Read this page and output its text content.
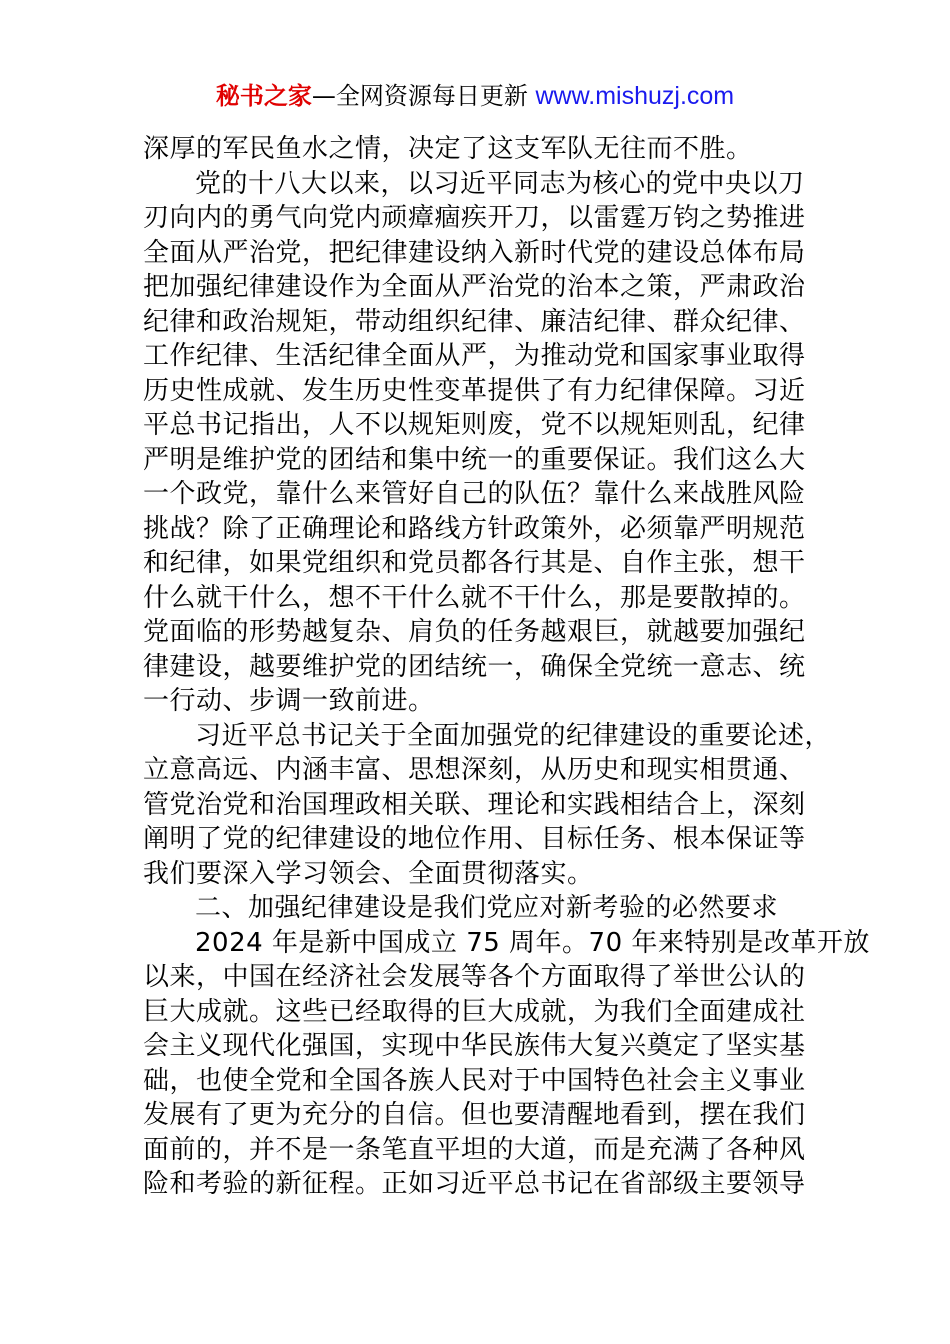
秘书之家—全网资源每日更新 www.mishuzj.com
深厚的军民鱼水之情，决定了这支军队无往而不胜。
党的十八大以来，以习近平同志为核心的党中央以刀
刃向内的勇气向党内顽瘴痼疾开刀，以雷霆万钧之势推进
全面从严治党，把纪律建设纳入新时代党的建设总体布局
把加强纪律建设作为全面从严治党的治本之策，严肃政治
纪律和政治规矩，带动组织纪律、廉洁纪律、群众纪律、
工作纪律、生活纪律全面从严，为推动党和国家事业取得
历史性成就、发生历史性变革提供了有力纪律保障。习近
平总书记指出，人不以规矩则废，党不以规矩则乱，纪律
严明是维护党的团结和集中统一的重要保证。我们这么大
一个政党，靠什么来管好自己的队伍？靠什么来战胜风险
挑战？除了正确理论和路线方针政策外，必须靠严明规范
和纪律，如果党组织和党员都各行其是、自作主张，想干
什么就干什么，想不干什么就不干什么，那是要散掉的。
党面临的形势越复杂、肩负的任务越艰巨，就越要加强纪
律建设，越要维护党的团结统一，确保全党统一意志、统
一行动、步调一致前进。
习近平总书记关于全面加强党的纪律建设的重要论述，
立意高远、内涵丰富、思想深刻，从历史和现实相贯通、
管党治党和治国理政相关联、理论和实践相结合上，深刻
阐明了党的纪律建设的地位作用、目标任务、根本保证等
我们要深入学习领会、全面贯彻落实。
二、加强纪律建设是我们党应对新考验的必然要求
2024 年是新中国成立 75 周年。70 年来特别是改革开放
以来，中国在经济社会发展等各个方面取得了举世公认的
巨大成就。这些已经取得的巨大成就，为我们全面建成社
会主义现代化强国，实现中华民族伟大复兴奠定了坚实基
础，也使全党和全国各族人民对于中国特色社会主义事业
发展有了更为充分的自信。但也要清醒地看到，摆在我们
面前的，并不是一条笔直平坦的大道，而是充满了各种风
险和考验的新征程。正如习近平总书记在省部级主要领导
